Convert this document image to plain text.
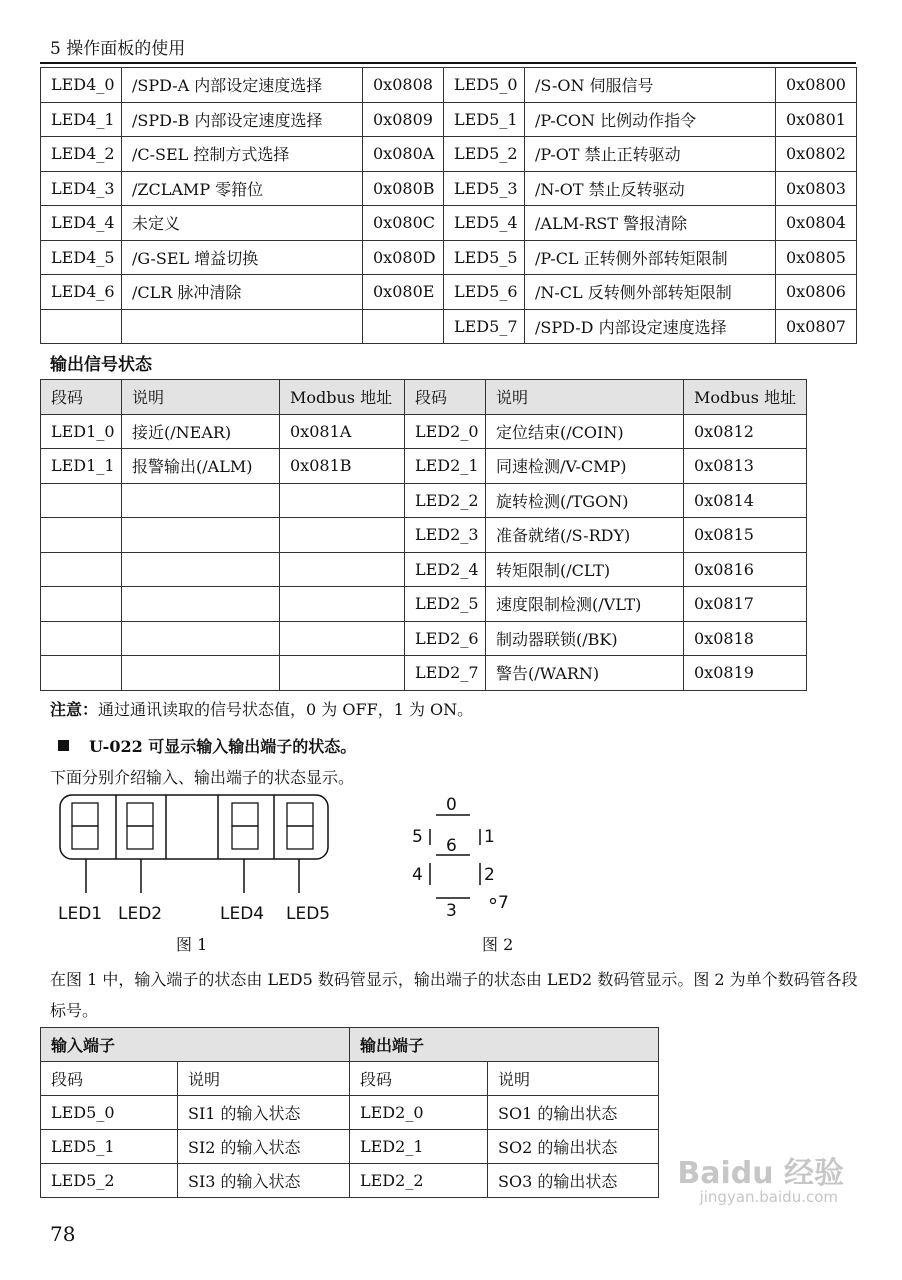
5 操作面板的使用
LED4_0	/SPD-A 内部设定速度选择	0x0808	LED5_0	/S-ON 伺服信号	0x0800
LED4_1	/SPD-B 内部设定速度选择	0x0809	LED5_1	/P-CON 比例动作指令	0x0801
LED4_2	/C-SEL 控制方式选择	0x080A	LED5_2	/P-OT 禁止正转驱动	0x0802
LED4_3	/ZCLAMP 零箝位	0x080B	LED5_3	/N-OT 禁止反转驱动	0x0803
LED4_4	未定义	0x080C	LED5_4	/ALM-RST 警报清除	0x0804
LED4_5	/G-SEL 增益切换	0x080D	LED5_5	/P-CL 正转侧外部转矩限制	0x0805
LED4_6	/CLR 脉冲清除	0x080E	LED5_6	/N-CL 反转侧外部转矩限制	0x0806
			LED5_7	/SPD-D 内部设定速度选择	0x0807
输出信号状态
段码	说明	Modbus 地址	段码	说明	Modbus 地址
LED1_0	接近(/NEAR)	0x081A	LED2_0	定位结束(/COIN)	0x0812
LED1_1	报警输出(/ALM)	0x081B	LED2_1	同速检测/V-CMP)	0x0813
			LED2_2	旋转检测(/TGON)	0x0814
			LED2_3	准备就绪(/S-RDY)	0x0815
			LED2_4	转矩限制(/CLT)	0x0816
			LED2_5	速度限制检测(/VLT)	0x0817
			LED2_6	制动器联锁(/BK)	0x0818
			LED2_7	警告(/WARN)	0x0819
注意：通过通讯读取的信号状态值，0 为 OFF，1 为 ON。
U-022 可显示输入输出端子的状态。
下面分别介绍输入、输出端子的状态显示。
LED1 LED2	LED4 LED5
图 1
0
1
2
3
4
5 6
7
图 2
在图 1 中，输入端子的状态由 LED5 数码管显示，输出端子的状态由 LED2 数码管显示。图 2 为单个数码管各段标号。
输入端子		输出端子	
段码	说明	段码	说明
LED5_0	SI1 的输入状态	LED2_0	SO1 的输出状态
LED5_1	SI2 的输入状态	LED2_1	SO2 的输出状态
LED5_2	SI3 的输入状态	LED2_2	SO3 的输出状态
78
Baidu 经验
jingyan.baidu.com
